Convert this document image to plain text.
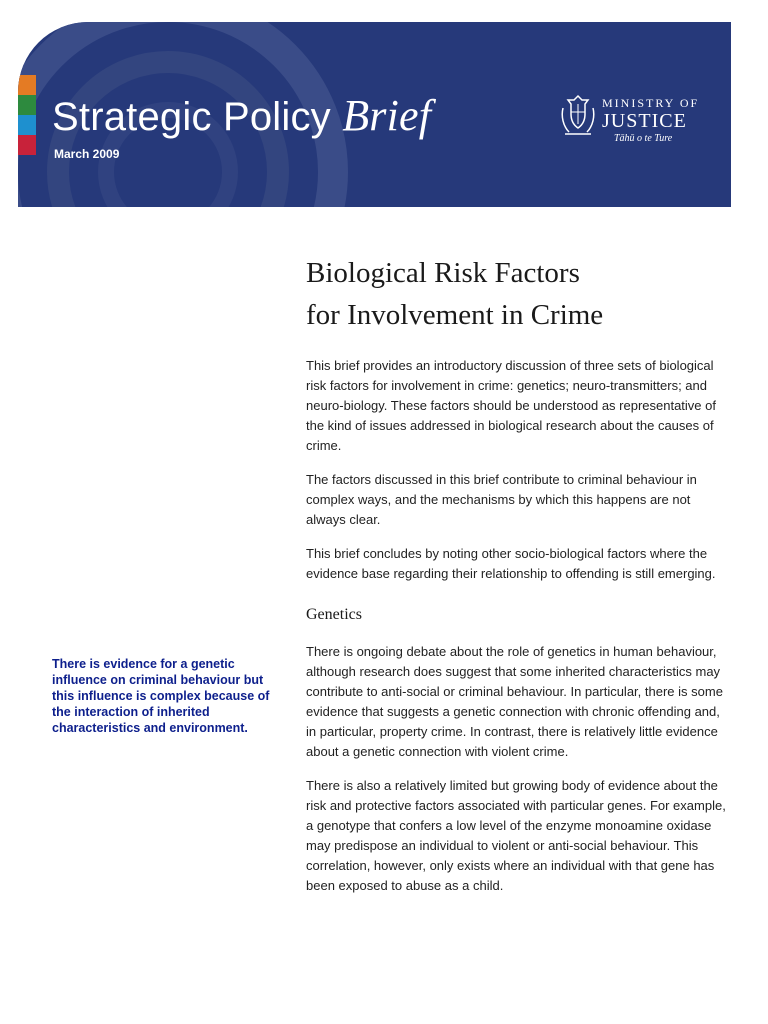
Strategic Policy Brief
March 2009
MINISTRY OF
JUSTICE
Tāhū o te Ture
Biological Risk Factors
for Involvement in Crime

This brief provides an introductory discussion of three sets of biological risk factors for involvement in crime: genetics; neuro-transmitters; and neuro-biology. These factors should be understood as representative of the kind of issues addressed in biological research about the causes of crime.

The factors discussed in this brief contribute to criminal behaviour in complex ways, and the mechanisms by which this happens are not always clear.

This brief concludes by noting other socio-biological factors where the evidence base regarding their relationship to offending is still emerging.

Genetics

There is ongoing debate about the role of genetics in human behaviour, although research does suggest that some inherited characteristics may contribute to anti-social or criminal behaviour. In particular, there is some evidence that suggests a genetic connection with chronic offending and, in particular, property crime. In contrast, there is relatively little evidence about a genetic connection with violent crime.

There is also a relatively limited but growing body of evidence about the risk and protective factors associated with particular genes. For example, a genotype that confers a low level of the enzyme monoamine oxidase may predispose an individual to violent or anti-social behaviour. This correlation, however, only exists where an individual with that gene has been exposed to abuse as a child.

There is evidence for a genetic influence on criminal behaviour but this influence is complex because of the interaction of inherited characteristics and environment.
